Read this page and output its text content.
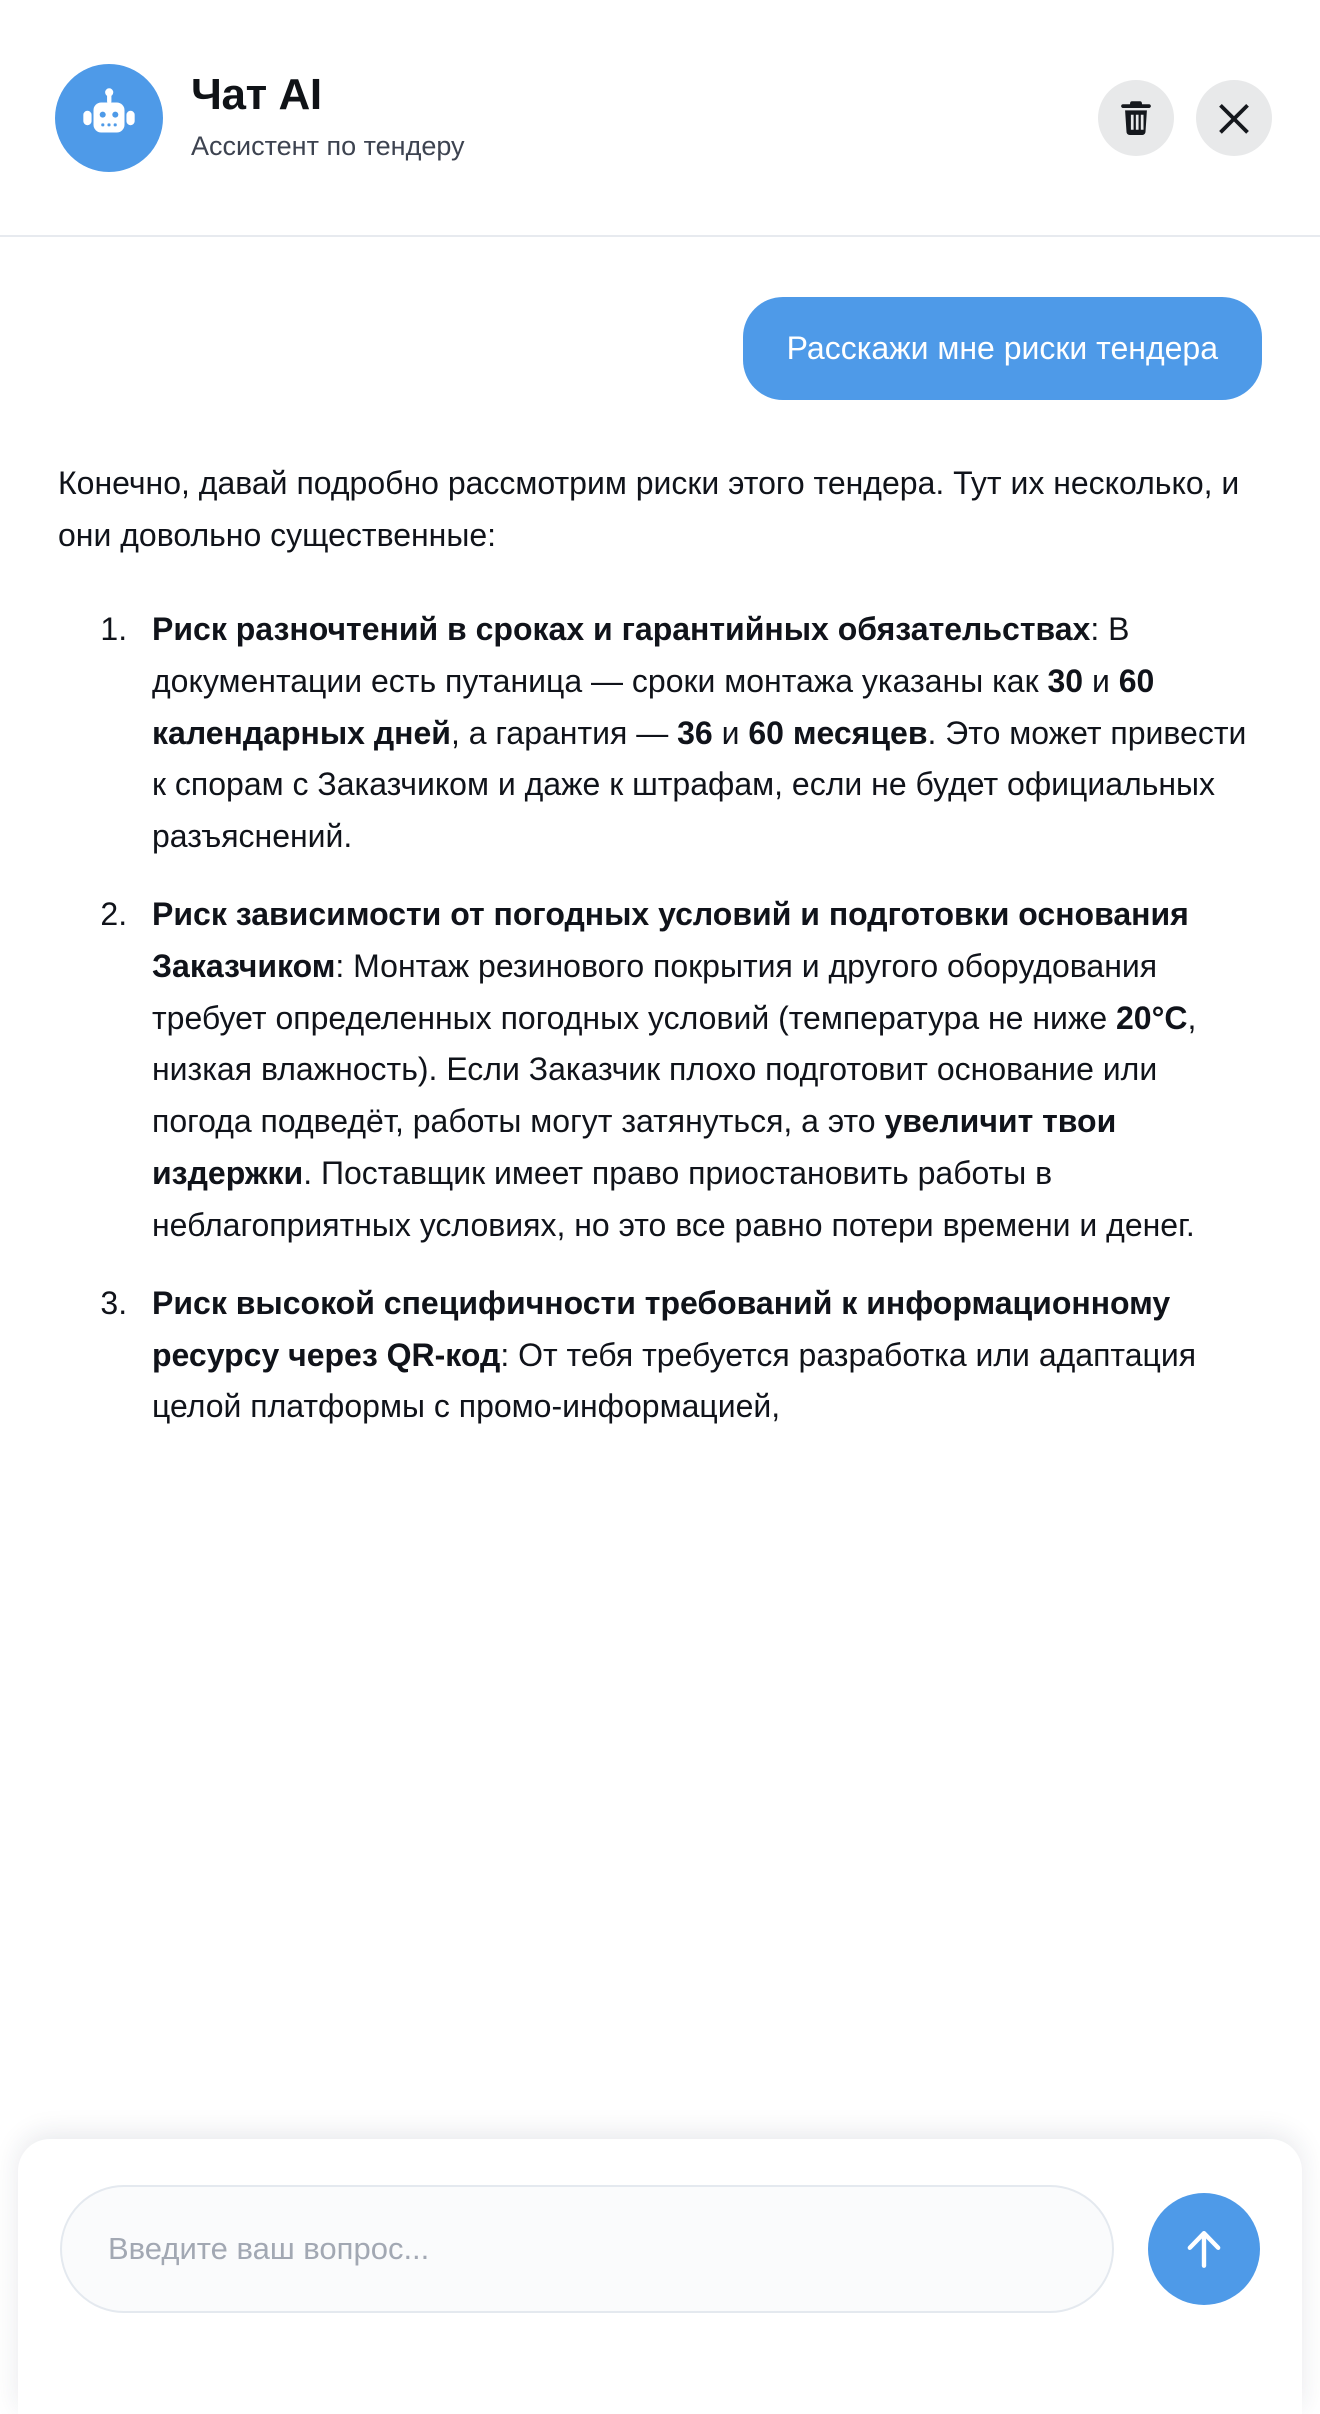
Чат AI
Ассистент по тендеру
Расскажи мне риски тендера

Конечно, давай подробно рассмотрим риски этого тендера. Тут их несколько, и они довольно существенные:

1. Риск разночтений в сроках и гарантийных обязательствах: В документации есть путаница — сроки монтажа указаны как 30 и 60 календарных дней, а гарантия — 36 и 60 месяцев. Это может привести к спорам с Заказчиком и даже к штрафам, если не будет официальных разъяснений.
2. Риск зависимости от погодных условий и подготовки основания Заказчиком: Монтаж резинового покрытия и другого оборудования требует определенных погодных условий (температура не ниже 20°C, низкая влажность). Если Заказчик плохо подготовит основание или погода подведёт, работы могут затянуться, а это увеличит твои издержки. Поставщик имеет право приостановить работы в неблагоприятных условиях, но это все равно потери времени и денег.
3. Риск высокой специфичности требований к информационному ресурсу через QR-код: От тебя требуется разработка или адаптация целой платформы с промо-информацией,
Введите ваш вопрос...
